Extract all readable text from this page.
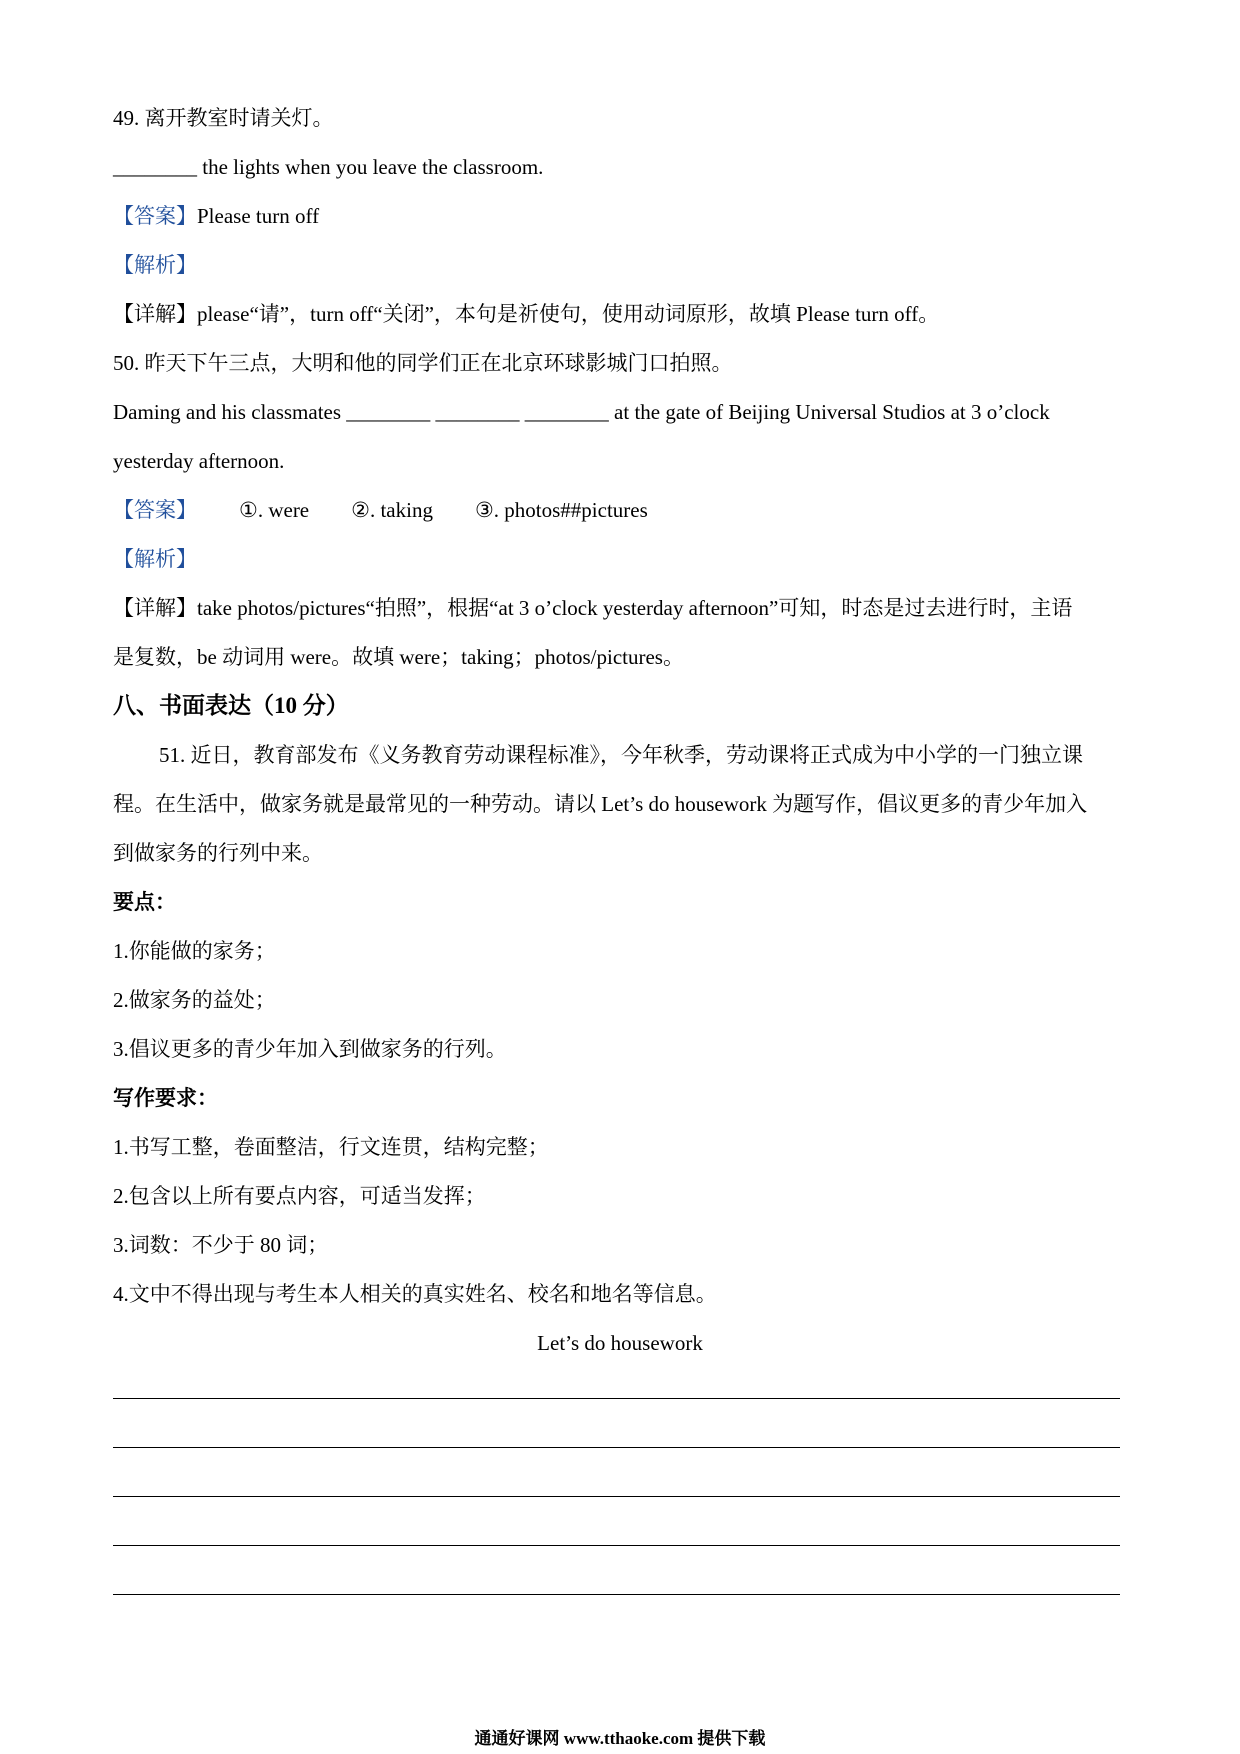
49. 离开教室时请关灯。
________ the lights when you leave the classroom.
【答案】Please turn off
【解析】
【详解】please“请”，turn off“关闭”，本句是祈使句，使用动词原形，故填 Please turn off。
50. 昨天下午三点，大明和他的同学们正在北京环球影城门口拍照。
Daming and his classmates ________ ________ ________ at the gate of Beijing Universal Studios at 3 o’clock
yesterday afternoon.
【答案】 ①. were ②. taking ③. photos##pictures
【解析】
【详解】take photos/pictures“拍照”，根据“at 3 o’clock yesterday afternoon”可知，时态是过去进行时，主语
是复数，be 动词用 were。故填 were；taking；photos/pictures。
八、书面表达（10 分）
51. 近日，教育部发布《义务教育劳动课程标准》，今年秋季，劳动课将正式成为中小学的一门独立课
程。在生活中，做家务就是最常见的一种劳动。请以 Let’s do housework 为题写作，倡议更多的青少年加入
到做家务的行列中来。
要点：
1.你能做的家务；
2.做家务的益处；
3.倡议更多的青少年加入到做家务的行列。
写作要求：
1.书写工整，卷面整洁，行文连贯，结构完整；
2.包含以上所有要点内容，可适当发挥；
3.词数：不少于 80 词；
4.文中不得出现与考生本人相关的真实姓名、校名和地名等信息。
Let’s do housework
通通好课网 www.tthaoke.com 提供下载
